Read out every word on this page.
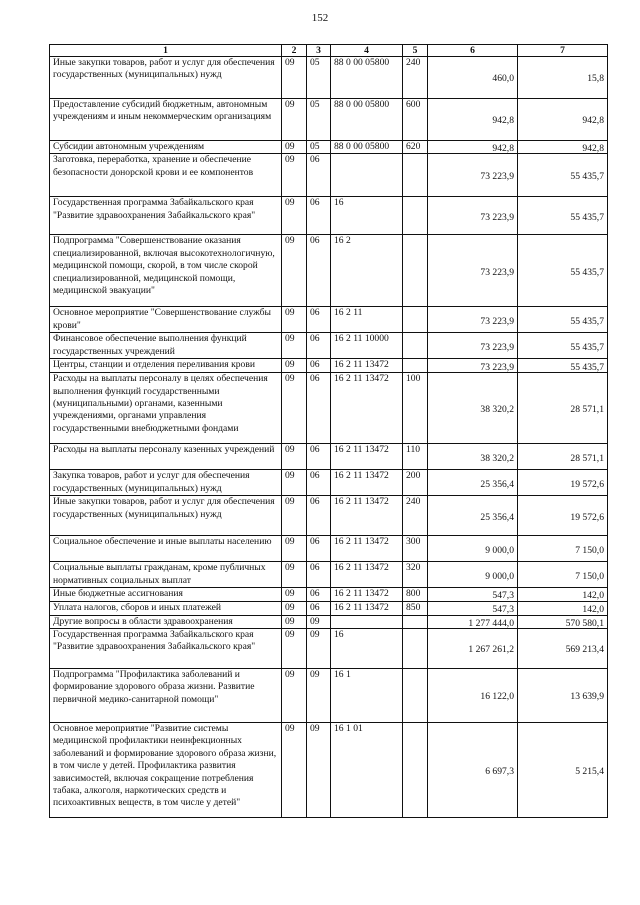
152
1	2	3	4	5	6	7
Иные закупки товаров, работ и услуг для обеспечения государственных (муниципальных) нужд	09	05	88 0 00 05800	240	460,0	15,8
Предоставление субсидий бюджетным, автономным учреждениям и иным некоммерческим организациям	09	05	88 0 00 05800	600	942,8	942,8
Субсидии автономным учреждениям	09	05	88 0 00 05800	620	942,8	942,8
Заготовка, переработка, хранение и обеспечение безопасности донорской крови и ее компонентов	09	06			73 223,9	55 435,7
Государственная программа Забайкальского края "Развитие здравоохранения Забайкальского края"	09	06	16		73 223,9	55 435,7
Подпрограмма "Совершенствование оказания специализированной, включая высокотехнологичную, медицинской помощи, скорой, в том числе скорой специализированной, медицинской помощи, медицинской эвакуации"	09	06	16 2		73 223,9	55 435,7
Основное мероприятие "Совершенствование службы крови"	09	06	16 2 11		73 223,9	55 435,7
Финансовое обеспечение выполнения функций государственных учреждений	09	06	16 2 11 10000		73 223,9	55 435,7
Центры, станции и отделения переливания крови	09	06	16 2 11 13472		73 223,9	55 435,7
Расходы на выплаты персоналу в целях обеспечения выполнения функций государственными (муниципальными) органами, казенными учреждениями, органами управления государственными внебюджетными фондами	09	06	16 2 11 13472	100	38 320,2	28 571,1
Расходы на выплаты персоналу казенных учреждений	09	06	16 2 11 13472	110	38 320,2	28 571,1
Закупка товаров, работ и услуг для обеспечения государственных (муниципальных) нужд	09	06	16 2 11 13472	200	25 356,4	19 572,6
Иные закупки товаров, работ и услуг для обеспечения государственных (муниципальных) нужд	09	06	16 2 11 13472	240	25 356,4	19 572,6
Социальное обеспечение и иные выплаты населению	09	06	16 2 11 13472	300	9 000,0	7 150,0
Социальные выплаты гражданам, кроме публичных нормативных социальных выплат	09	06	16 2 11 13472	320	9 000,0	7 150,0
Иные бюджетные ассигнования	09	06	16 2 11 13472	800	547,3	142,0
Уплата налогов, сборов и иных платежей	09	06	16 2 11 13472	850	547,3	142,0
Другие вопросы в области здравоохранения	09	09			1 277 444,0	570 580,1
Государственная программа Забайкальского края "Развитие здравоохранения Забайкальского края"	09	09	16		1 267 261,2	569 213,4
Подпрограмма "Профилактика заболеваний и формирование здорового образа жизни. Развитие первичной медико-санитарной помощи"	09	09	16 1		16 122,0	13 639,9
Основное мероприятие "Развитие системы медицинской профилактики неинфекционных заболеваний и формирование здорового образа жизни, в том числе у детей. Профилактика развития зависимостей, включая сокращение потребления табака, алкоголя, наркотических средств и психоактивных веществ, в том числе у детей"	09	09	16 1 01		6 697,3	5 215,4
